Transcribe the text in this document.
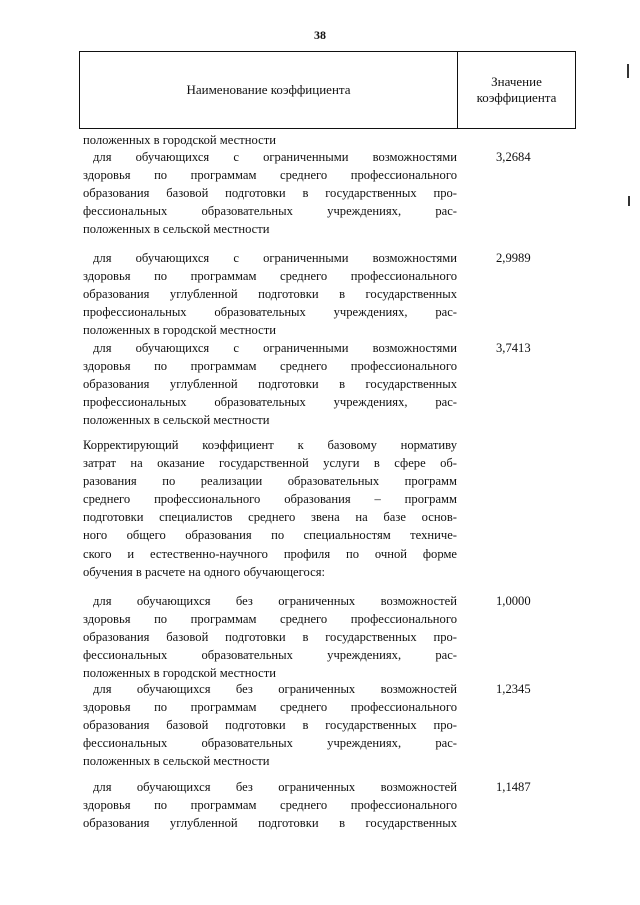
38
Наименование коэффициента
Значение
коэффициента
положенных в городской местности
для обучающихся с ограниченными возможностями
здоровья по программам среднего профессионального
образования базовой подготовки в государственных про-
фессиональных образовательных учреждениях, рас-
положенных в сельской местности
3,2684
для обучающихся с ограниченными возможностями
здоровья по программам среднего профессионального
образования углубленной подготовки в государственных
профессиональных образовательных учреждениях, рас-
положенных в городской местности
2,9989
для обучающихся с ограниченными возможностями
здоровья по программам среднего профессионального
образования углубленной подготовки в государственных
профессиональных образовательных учреждениях, рас-
положенных в сельской местности
3,7413
Корректирующий коэффициент к базовому нормативу
затрат на оказание государственной услуги в сфере об-
разования по реализации образовательных программ
среднего профессионального образования – программ
подготовки специалистов среднего звена на базе основ-
ного общего образования по специальностям техниче-
ского и естественно-научного профиля по очной форме
обучения в расчете на одного обучающегося:
для обучающихся без ограниченных возможностей
здоровья по программам среднего профессионального
образования базовой подготовки в государственных про-
фессиональных образовательных учреждениях, рас-
положенных в городской местности
1,0000
для обучающихся без ограниченных возможностей
здоровья по программам среднего профессионального
образования базовой подготовки в государственных про-
фессиональных образовательных учреждениях, рас-
положенных в сельской местности
1,2345
для обучающихся без ограниченных возможностей
здоровья по программам среднего профессионального
образования углубленной подготовки в государственных
1,1487
